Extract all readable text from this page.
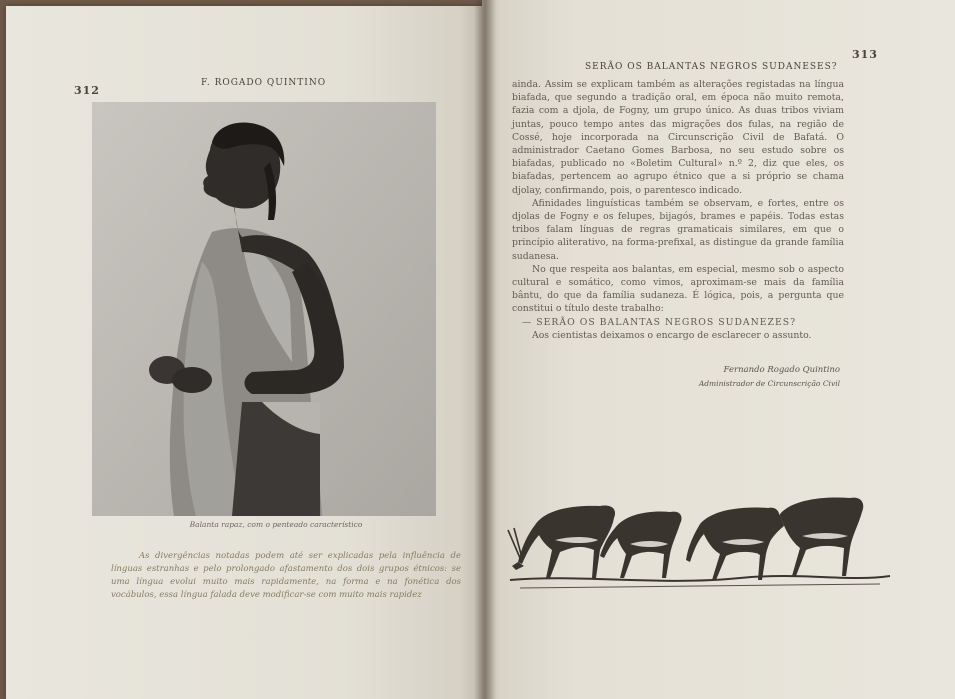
312
F. ROGADO QUINTINO
Balanta rapaz, com o penteado característico

As divergências notadas podem até ser explicadas pela influência de línguas estranhas e pelo prolongado afastamento dos dois grupos étnicos: se uma língua evolui muito mais rapidamente, na forma e na fonética dos vocábulos, essa língua falada deve modificar-se com muito mais rapidez

SERÃO OS BALANTAS NEGROS SUDANESES?
313

ainda. Assim se explicam também as alterações registadas na língua biafada, que segundo a tradição oral, em época não muito remota, fazia com a djola, de Fogny, um grupo único. As duas tribos viviam juntas, pouco tempo antes das migrações dos fulas, na região de Cossé, hoje incorporada na Circunscrição Civil de Bafatá. O administrador Caetano Gomes Barbosa, no seu estudo sobre os biafadas, publicado no «Boletim Cultural» n.º 2, diz que eles, os biafadas, pertencem ao agrupo étnico que a si próprio se chama djolay, confirmando, pois, o parentesco indicado.

Afinidades linguísticas também se observam, e fortes, entre os djolas de Fogny e os felupes, bijagós, brames e papéis. Todas estas tribos falam línguas de regras gramaticais similares, em que o princípio aliterativo, na forma-prefixal, as distingue da grande família sudanesa.

No que respeita aos balantas, em especial, mesmo sob o aspecto cultural e somático, como vimos, aproximam-se mais da família bântu, do que da família sudaneza. É lógica, pois, a pergunta que constitui o título deste trabalho:

— SERÃO OS BALANTAS NEGROS SUDANEZES?

Aos cientistas deixamos o encargo de esclarecer o assunto.

Fernando Rogado Quintino
Administrador de Circunscrição Civil
